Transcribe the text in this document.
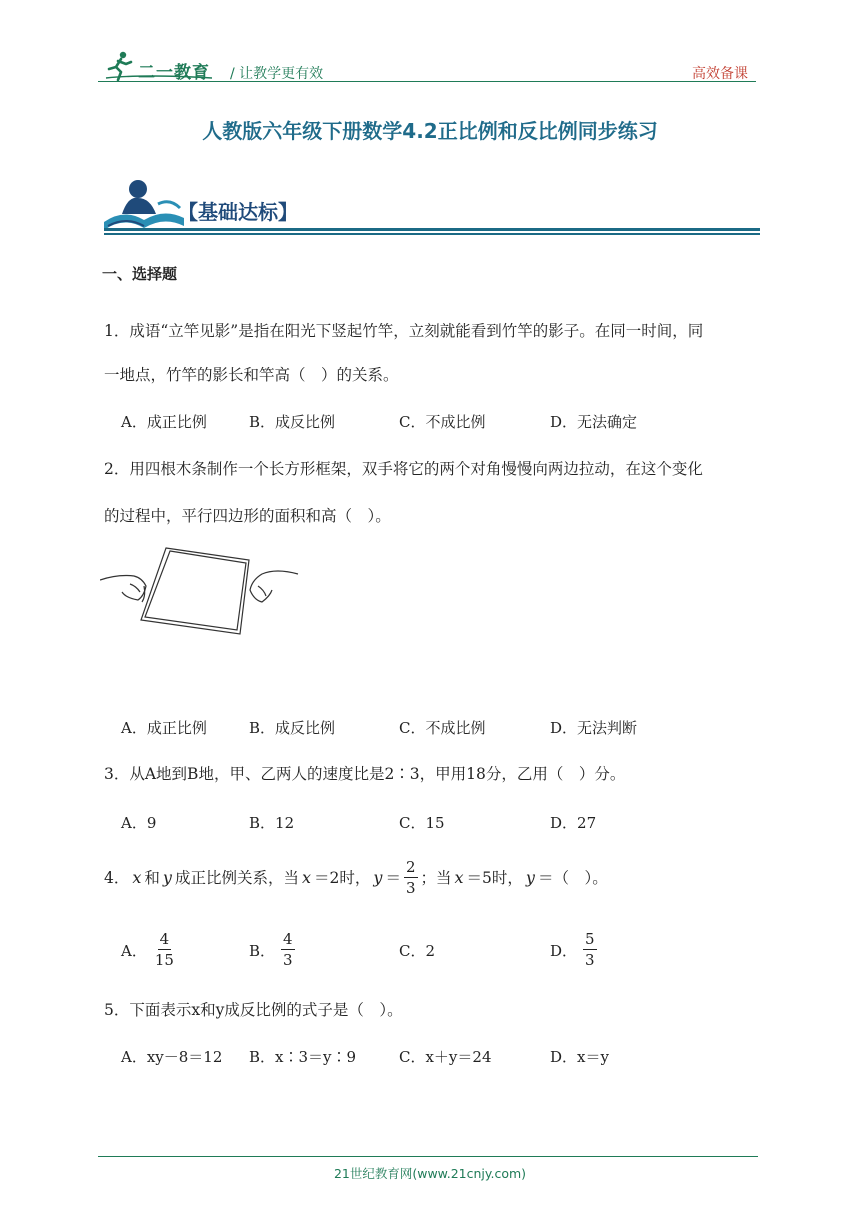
二一教育 / 让教学更有效	高效备课
人教版六年级下册数学4.2正比例和反比例同步练习
【基础达标】
一、选择题
1．成语“立竿见影”是指在阳光下竖起竹竿，立刻就能看到竹竿的影子。在同一时间，同
一地点，竹竿的影长和竿高（　）的关系。
A．成正比例	B．成反比例	C．不成比例	D．无法确定
2．用四根木条制作一个长方形框架，双手将它的两个对角慢慢向两边拉动，在这个变化
的过程中，平行四边形的面积和高（　）。
A．成正比例	B．成反比例	C．不成比例	D．无法判断
3．从A地到B地，甲、乙两人的速度比是2∶3，甲用18分，乙用（　）分。
A．9	B．12	C．15	D．27
4． x 和 y 成正比例关系，当 x ＝2时， $y = \frac{2}{3}$ ；当 x ＝5时， y ＝（　）。
A． $\frac{4}{15}$	B． $\frac{4}{3}$	C．2	D． $\frac{5}{3}$
5．下面表示x和y成反比例的式子是（　）。
A．xy－8＝12 B．x∶3＝y∶9	C．x＋y＝24	D．x＝y
21世纪教育网(www.21cnjy.com)
